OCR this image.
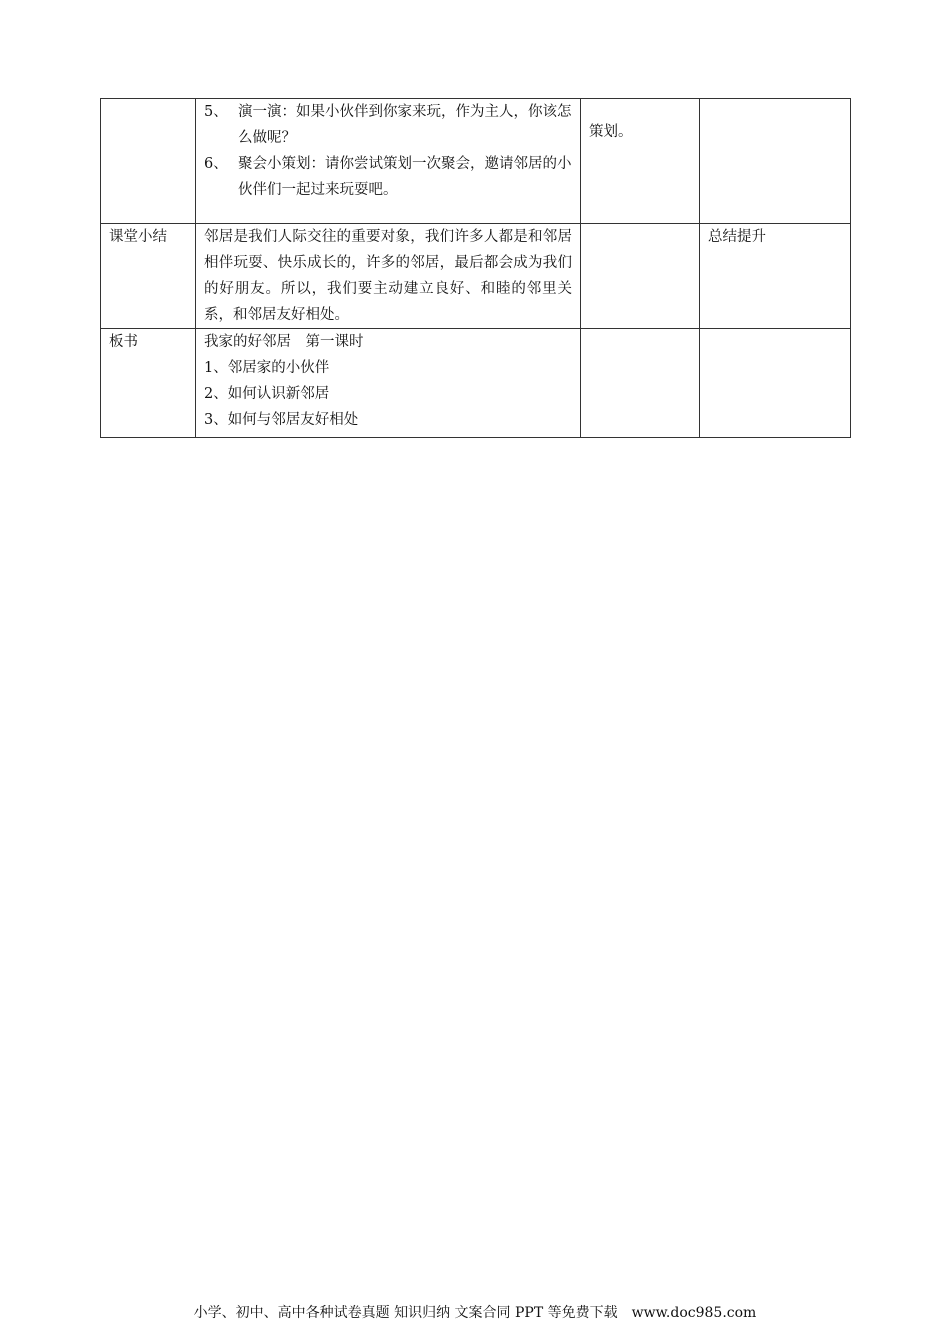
	5、 演一演：如果小伙伴到你家来玩，作为主人，你该怎么做呢？
6、 聚会小策划：请你尝试策划一次聚会，邀请邻居的小伙伴们一起过来玩耍吧。	策划。	
课堂小结	邻居是我们人际交往的重要对象，我们许多人都是和邻居相伴玩耍、快乐成长的，许多的邻居，最后都会成为我们的好朋友。所以，我们要主动建立良好、和睦的邻里关系，和邻居友好相处。		总结提升
板书	我家的好邻居　第一课时
1、邻居家的小伙伴
2、如何认识新邻居
3、如何与邻居友好相处		

小学、初中、高中各种试卷真题 知识归纳 文案合同 PPT 等免费下载　www.doc985.com
